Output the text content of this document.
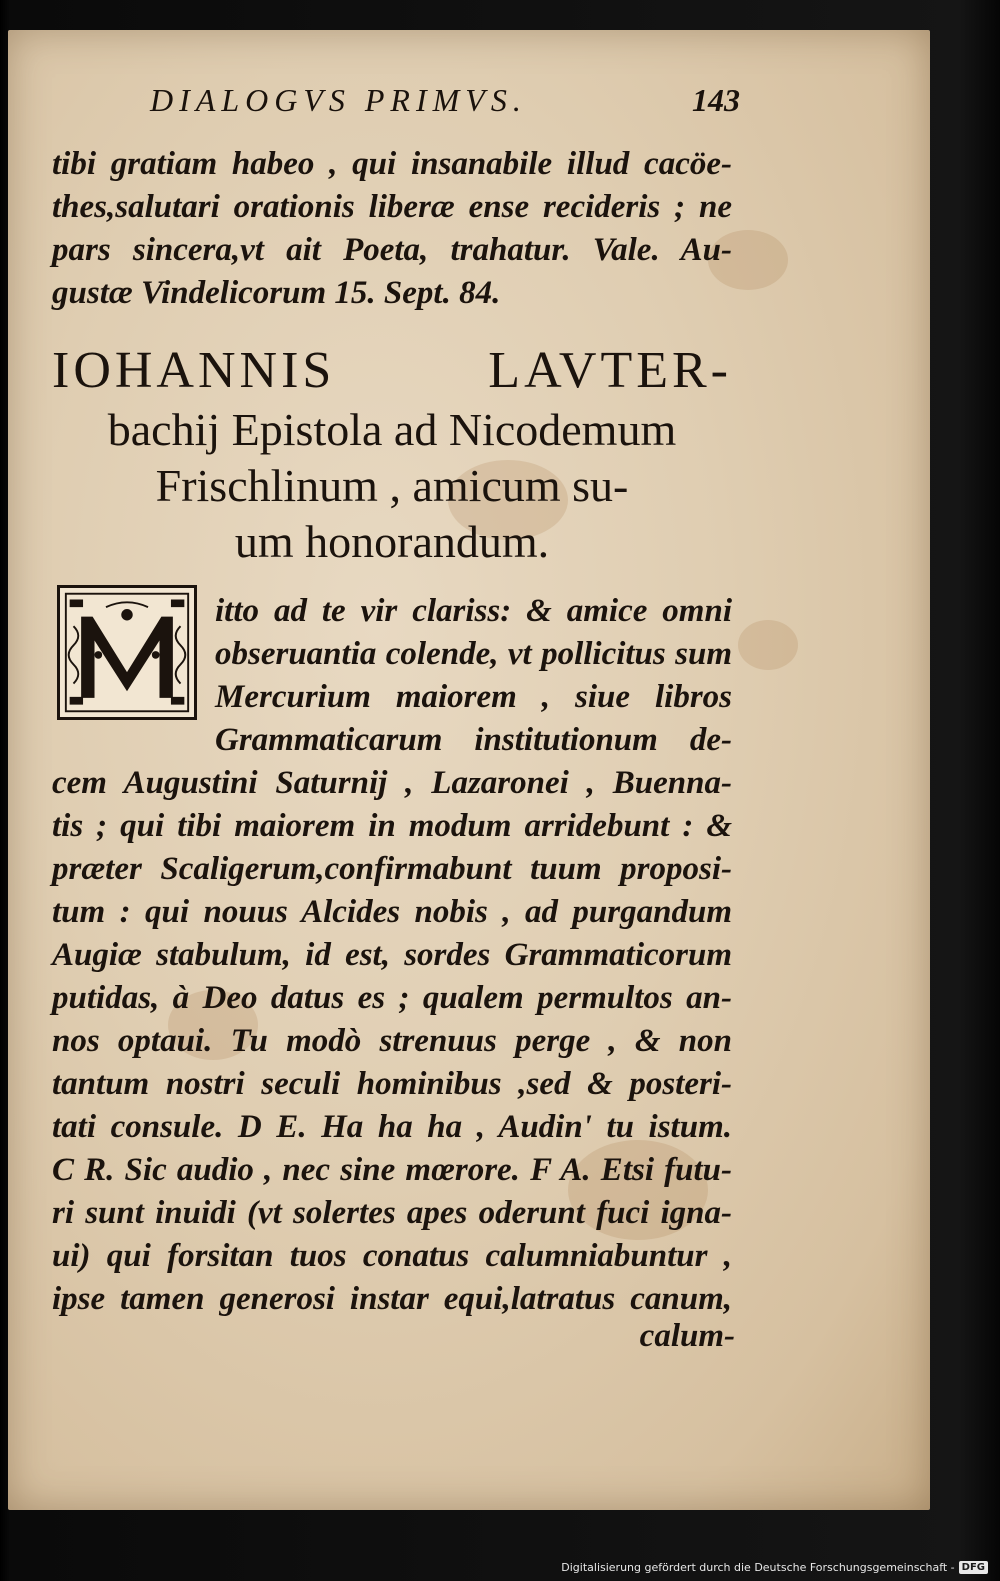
DIALOGVS PRIMVS.	143
tibi gratiam habeo , qui insanabile illud cacöe-
thes,salutari orationis liberæ ense recideris ; ne
pars sincera,vt ait Poeta, trahatur. Vale. Au-
gustæ Vindelicorum 15. Sept. 84.
IOHANNIS LAVTER-
bachij Epistola ad Nicodemum
Frischlinum , amicum su-
um honorandum.
itto ad te vir clariss: & amice omni
obseruantia colende, vt pollicitus sum
Mercurium maiorem , siue libros
Grammaticarum institutionum de-
cem Augustini Saturnij , Lazaronei , Buenna-
tis ; qui tibi maiorem in modum arridebunt : &
præter Scaligerum,confirmabunt tuum proposi-
tum : qui nouus Alcides nobis , ad purgandum
Augiæ stabulum, id est, sordes Grammaticorum
putidas, à Deo datus es ; qualem permultos an-
nos optaui. Tu modò strenuus perge , & non
tantum nostri seculi hominibus ,sed & posteri-
tati consule. D E. Ha ha ha , Audin' tu istum.
C R. Sic audio , nec sine mœrore. F A. Etsi futu-
ri sunt inuidi (vt solertes apes oderunt fuci igna-
ui) qui forsitan tuos conatus calumniabuntur ,
ipse tamen generosi instar equi,latratus canum,
calum-
Digitalisierung gefördert durch die Deutsche Forschungsgemeinschaft - DFG
